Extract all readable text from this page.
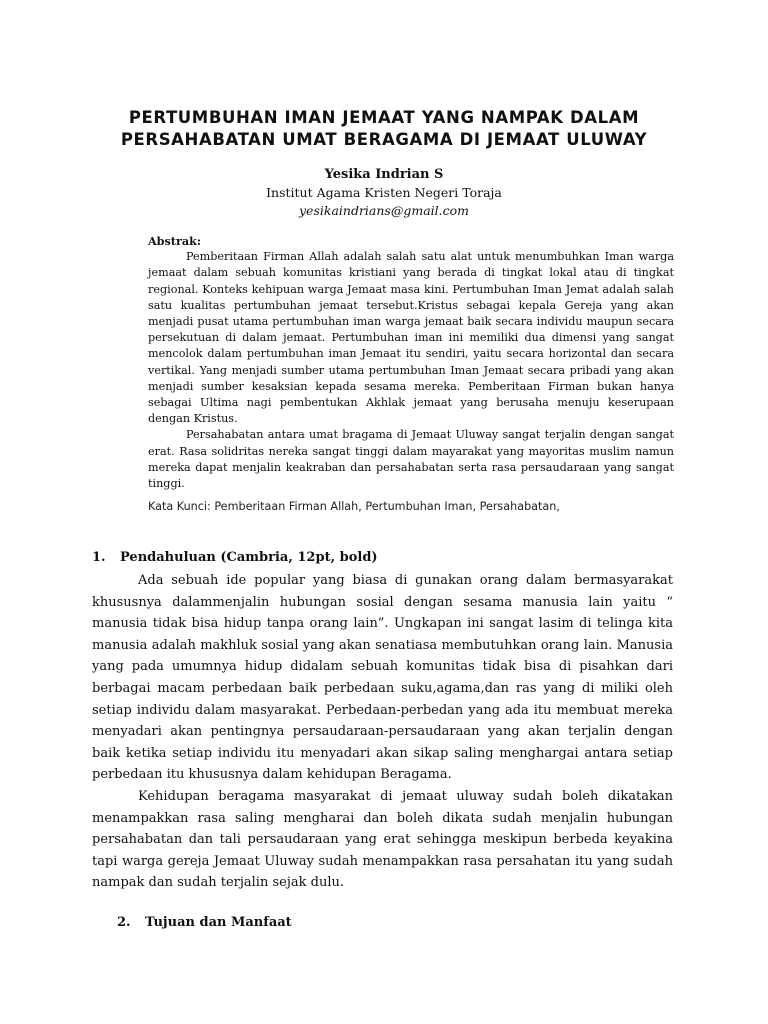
PERTUMBUHAN IMAN JEMAAT YANG NAMPAK DALAM
PERSAHABATAN UMAT BERAGAMA DI JEMAAT ULUWAY
Yesika Indrian S
Institut Agama Kristen Negeri Toraja
yesikaindrians@gmail.com

Abstrak:

Pemberitaan Firman Allah adalah salah satu alat untuk menumbuhkan Iman warga jemaat dalam sebuah komunitas kristiani yang berada di tingkat lokal atau di tingkat regional. Konteks kehipuan warga Jemaat masa kini. Pertumbuhan Iman Jemat adalah salah satu kualitas pertumbuhan jemaat tersebut.Kristus sebagai kepala Gereja yang akan menjadi pusat utama pertumbuhan iman warga jemaat baik secara individu maupun secara persekutuan di dalam jemaat. Pertumbuhan iman ini memiliki dua dimensi yang sangat mencolok dalam pertumbuhan iman Jemaat itu sendiri, yaitu secara horizontal dan secara vertikal. Yang menjadi sumber utama pertumbuhan Iman Jemaat secara pribadi yang akan menjadi sumber kesaksian kepada sesama mereka. Pemberitaan Firman bukan hanya sebagai Ultima nagi pembentukan Akhlak jemaat yang berusaha menuju keserupaan dengan Kristus.

Persahabatan antara umat bragama di Jemaat Uluway sangat terjalin dengan sangat erat. Rasa solidritas nereka sangat tinggi dalam mayarakat yang mayoritas muslim namun mereka dapat menjalin keakraban dan persahabatan serta rasa persaudaraan yang sangat tinggi.

Kata Kunci: Pemberitaan Firman Allah, Pertumbuhan Iman, Persahabatan,
1. Pendahuluan (Cambria, 12pt, bold)

Ada sebuah ide popular yang biasa di gunakan orang dalam bermasyarakat khususnya dalammenjalin hubungan sosial dengan sesama manusia lain yaitu “ manusia tidak bisa hidup tanpa orang lain”. Ungkapan ini sangat lasim di telinga kita manusia adalah makhluk sosial yang akan senatiasa membutuhkan orang lain. Manusia yang pada umumnya hidup didalam sebuah komunitas tidak bisa di pisahkan dari berbagai macam perbedaan baik perbedaan suku,agama,dan ras yang di miliki oleh setiap individu dalam masyarakat. Perbedaan-perbedan yang ada itu membuat mereka menyadari akan pentingnya persaudaraan-persaudaraan yang akan terjalin dengan baik ketika setiap individu itu menyadari akan sikap saling menghargai antara setiap perbedaan itu khususnya dalam kehidupan Beragama.

Kehidupan beragama masyarakat di jemaat uluway sudah boleh dikatakan menampakkan rasa saling mengharai dan boleh dikata sudah menjalin hubungan persahabatan dan tali persaudaraan yang erat sehingga meskipun berbeda keyakina tapi warga gereja Jemaat Uluway sudah menampakkan rasa persahatan itu yang sudah nampak dan sudah terjalin sejak dulu.

2. Tujuan dan Manfaat
